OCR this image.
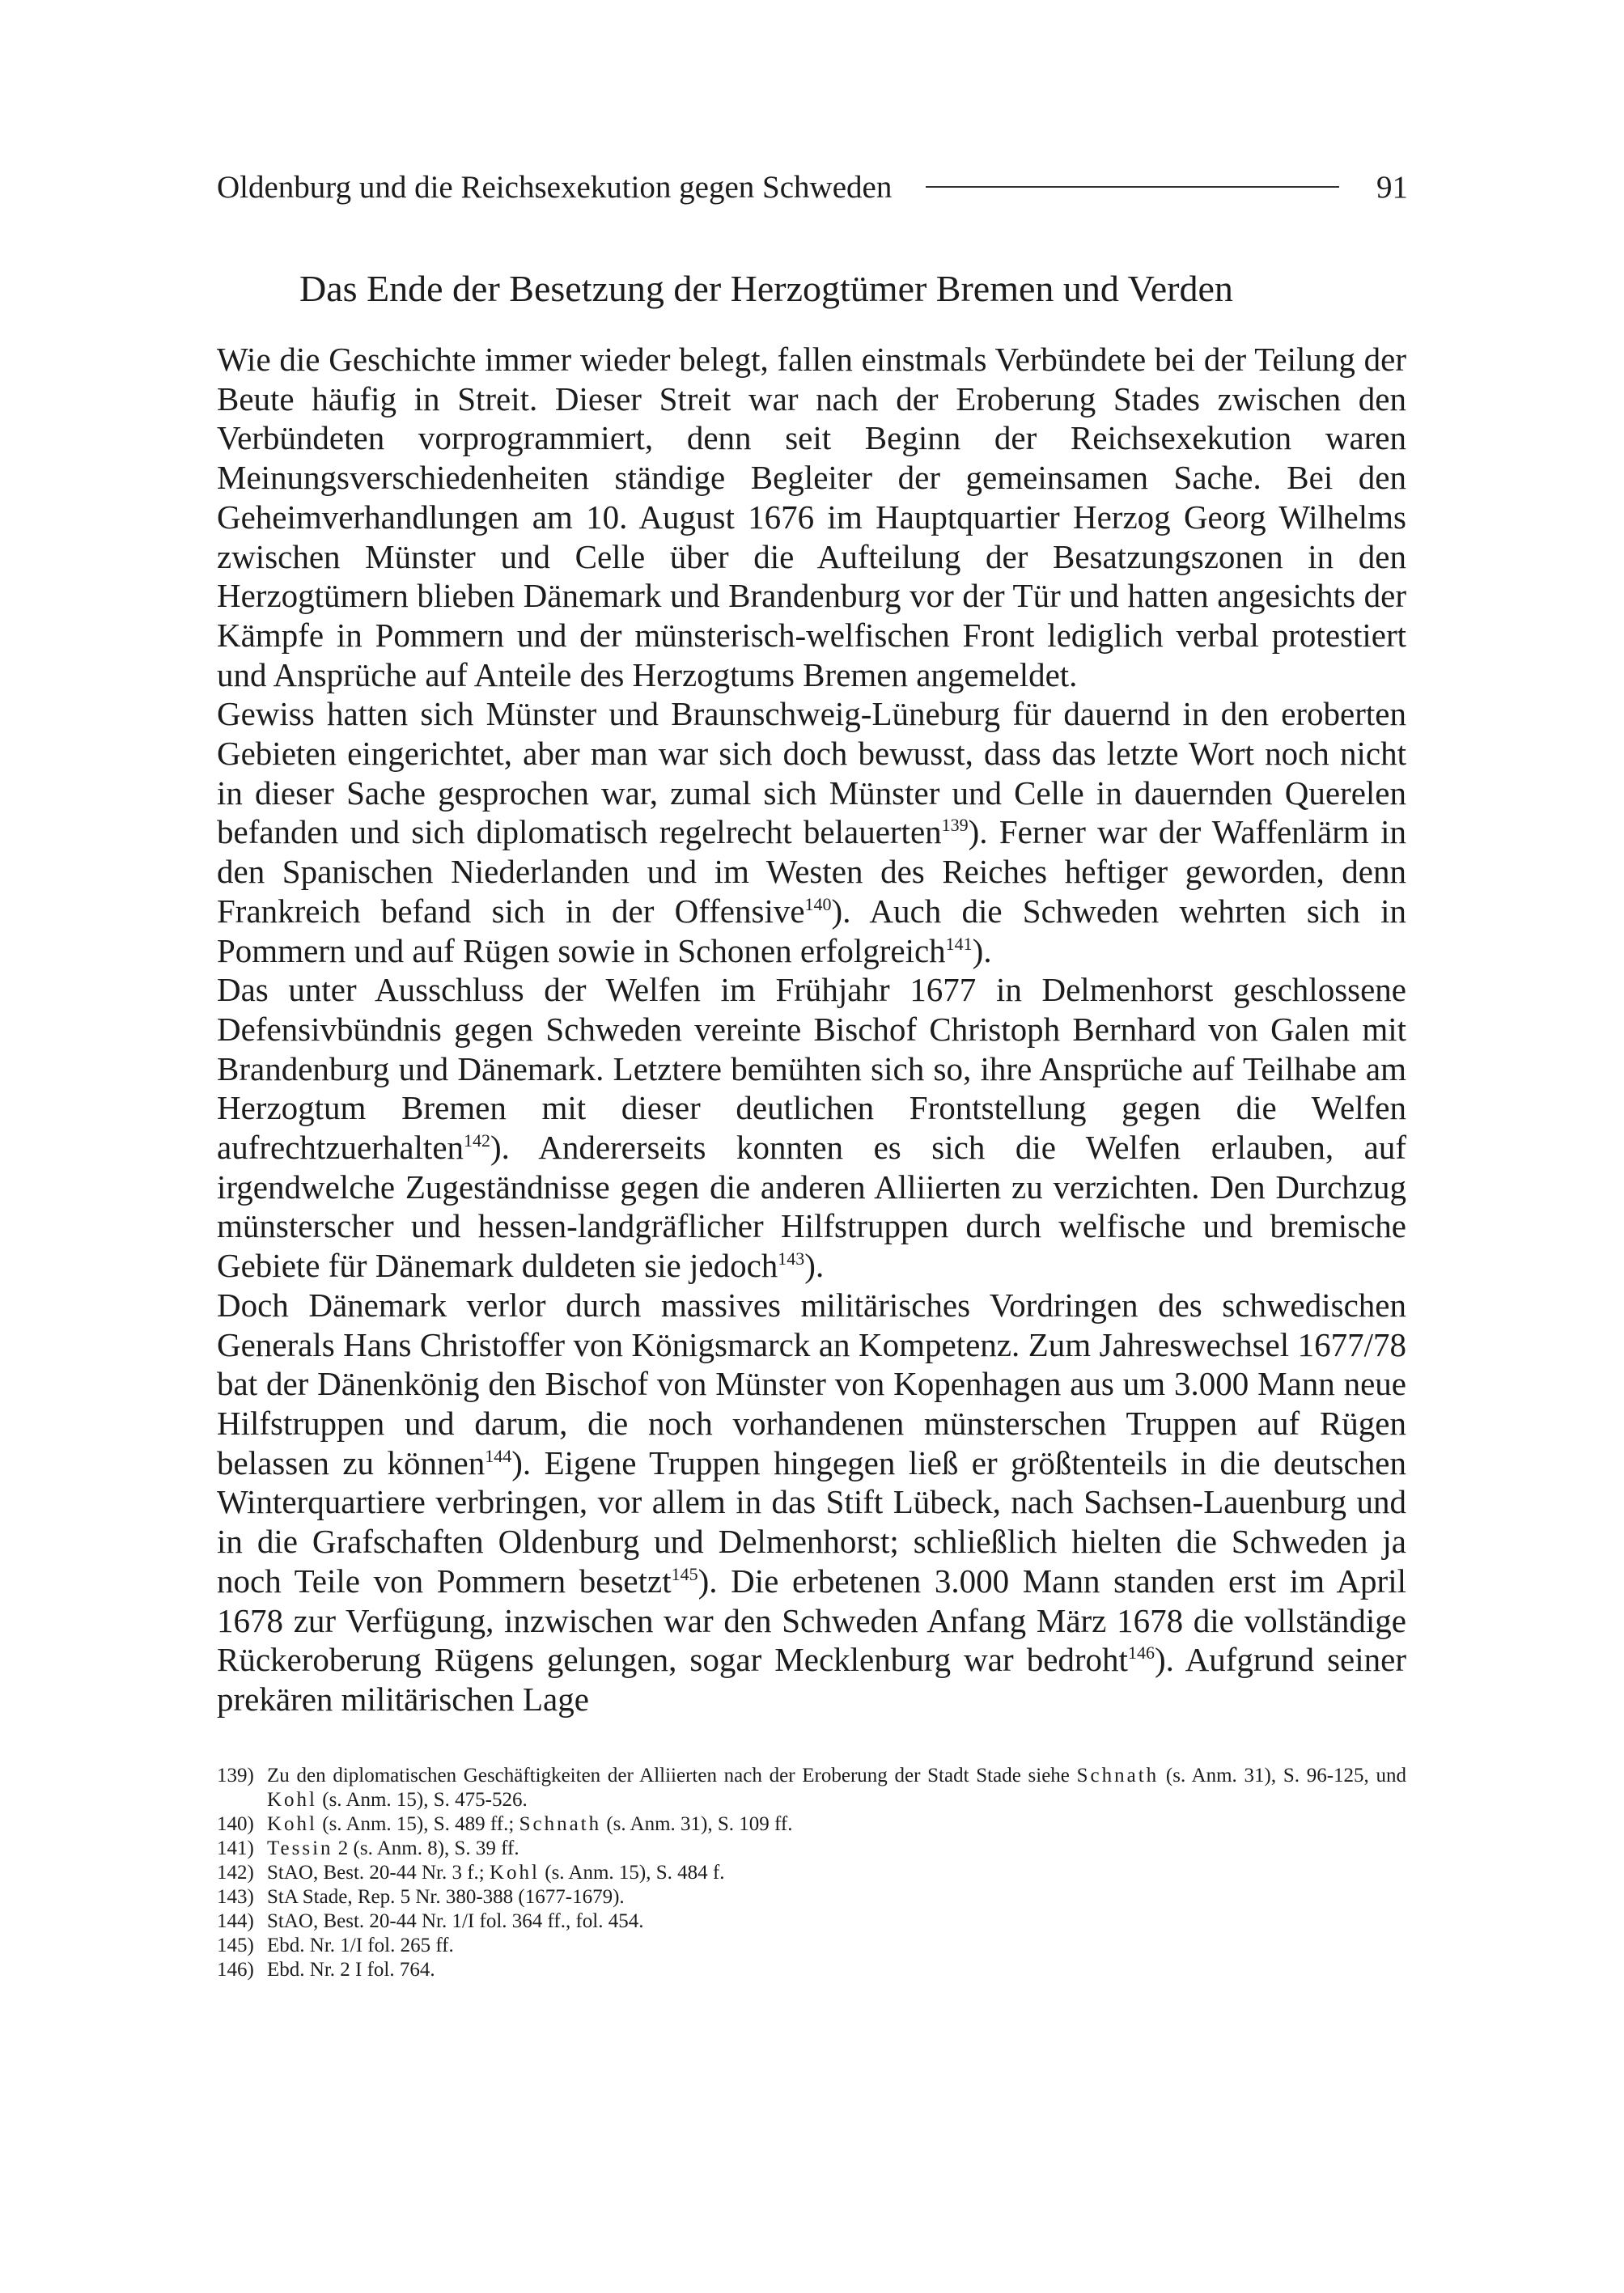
Oldenburg und die Reichsexekution gegen Schweden	91
Das Ende der Besetzung der Herzogtümer Bremen und Verden

Wie die Geschichte immer wieder belegt, fallen einstmals Verbündete bei der Teilung der Beute häufig in Streit. Dieser Streit war nach der Eroberung Stades zwischen den Verbündeten vorprogrammiert, denn seit Beginn der Reichsexekution waren Meinungsverschiedenheiten ständige Begleiter der gemeinsamen Sache. Bei den Geheimverhandlungen am 10. August 1676 im Hauptquartier Herzog Georg Wilhelms zwischen Münster und Celle über die Aufteilung der Besatzungszonen in den Herzogtümern blieben Dänemark und Brandenburg vor der Tür und hatten angesichts der Kämpfe in Pommern und der münsterisch-welfischen Front lediglich verbal protestiert und Ansprüche auf Anteile des Herzogtums Bremen angemeldet.

Gewiss hatten sich Münster und Braunschweig-Lüneburg für dauernd in den eroberten Gebieten eingerichtet, aber man war sich doch bewusst, dass das letzte Wort noch nicht in dieser Sache gesprochen war, zumal sich Münster und Celle in dauernden Querelen befanden und sich diplomatisch regelrecht belauerten$^{139}$). Ferner war der Waffenlärm in den Spanischen Niederlanden und im Westen des Reiches heftiger geworden, denn Frankreich befand sich in der Offensive$^{140}$). Auch die Schweden wehrten sich in Pommern und auf Rügen sowie in Schonen erfolgreich$^{141}$).

Das unter Ausschluss der Welfen im Frühjahr 1677 in Delmenhorst geschlossene Defensivbündnis gegen Schweden vereinte Bischof Christoph Bernhard von Galen mit Brandenburg und Dänemark. Letztere bemühten sich so, ihre Ansprüche auf Teilhabe am Herzogtum Bremen mit dieser deutlichen Frontstellung gegen die Welfen aufrechtzuerhalten$^{142}$). Andererseits konnten es sich die Welfen erlauben, auf irgendwelche Zugeständnisse gegen die anderen Alliierten zu verzichten. Den Durchzug münsterscher und hessen-landgräflicher Hilfstruppen durch welfische und bremische Gebiete für Dänemark duldeten sie jedoch$^{143}$).

Doch Dänemark verlor durch massives militärisches Vordringen des schwedischen Generals Hans Christoffer von Königsmarck an Kompetenz. Zum Jahreswechsel 1677/78 bat der Dänenkönig den Bischof von Münster von Kopenhagen aus um 3.000 Mann neue Hilfstruppen und darum, die noch vorhandenen münsterschen Truppen auf Rügen belassen zu können$^{144}$). Eigene Truppen hingegen ließ er größtenteils in die deutschen Winterquartiere verbringen, vor allem in das Stift Lübeck, nach Sachsen-Lauenburg und in die Grafschaften Oldenburg und Delmenhorst; schließlich hielten die Schweden ja noch Teile von Pommern besetzt$^{145}$). Die erbetenen 3.000 Mann standen erst im April 1678 zur Verfügung, inzwischen war den Schweden Anfang März 1678 die vollständige Rückeroberung Rügens gelungen, sogar Mecklenburg war bedroht$^{146}$). Aufgrund seiner prekären militärischen Lage

139) Zu den diplomatischen Geschäftigkeiten der Alliierten nach der Eroberung der Stadt Stade siehe Schnath (s. Anm. 31), S. 96-125, und Kohl (s. Anm. 15), S. 475-526.
140) Kohl (s. Anm. 15), S. 489 ff.; Schnath (s. Anm. 31), S. 109 ff.
141) Tessin 2 (s. Anm. 8), S. 39 ff.
142) StAO, Best. 20-44 Nr. 3 f.; Kohl (s. Anm. 15), S. 484 f.
143) StA Stade, Rep. 5 Nr. 380-388 (1677-1679).
144) StAO, Best. 20-44 Nr. 1/I fol. 364 ff., fol. 454.
145) Ebd. Nr. 1/I fol. 265 ff.
146) Ebd. Nr. 2 I fol. 764.
